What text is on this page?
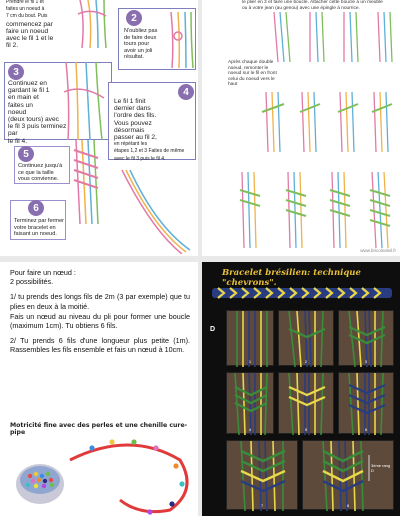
Prendre le fil 1 et
faites un noeud à
7 cm du bout. Puis
commencez par
faire un noeud
avec le fil 1 et le
fil 2.
2
N'oubliez pas
de faire deux
tours pour
avoir un joli
résultat.
3
Continuez en
gardant le fil 1
en main et
faites un
noeud
(deux tours) avec
le fil 3 puis terminez par
le fil 4.
4
Le fil 1 finit
dernier dans
l'ordre des fils.
Vous pouvez
désormais
passer au fil 2,
en répétant les
étapes 1,2 et 3 Faites de même
avec le fil 3 puis le fil 4.
5
Continuez jusqu'à
ce que la taille
vous convienne.
6
Terminez par fermer
votre bracelet en
faisant un noeud.
le plier en 2 et faire une boucle. Attacher cette boucle à un meuble
ou à votre jean (au genou) avec une épingle à nourrice.
Après chaque double
noeud, remonter le
noeud sur le fil en front
celui du noeud vers le
haut
www.bricolsoleil.fr

Pour faire un nœud :
2 possibilités.

1/ tu prends des longs fils de 2m (3 par exemple) que tu plies en deux à la moitié.

Fais un nœud au niveau du pli pour former une boucle (maximum 1cm). Tu obtiens 6 fils.

2/ Tu prends 6 fils d'une longueur plus petite (1m). Rassembles les fils ensemble et fais un nœud à 10cm.

Bracelet brésilien: technique "chevrons".
D
1	2	3
4	5	6
7
3ème rang D
8
Motricité fine avec des perles et une chenille cure-pipe
